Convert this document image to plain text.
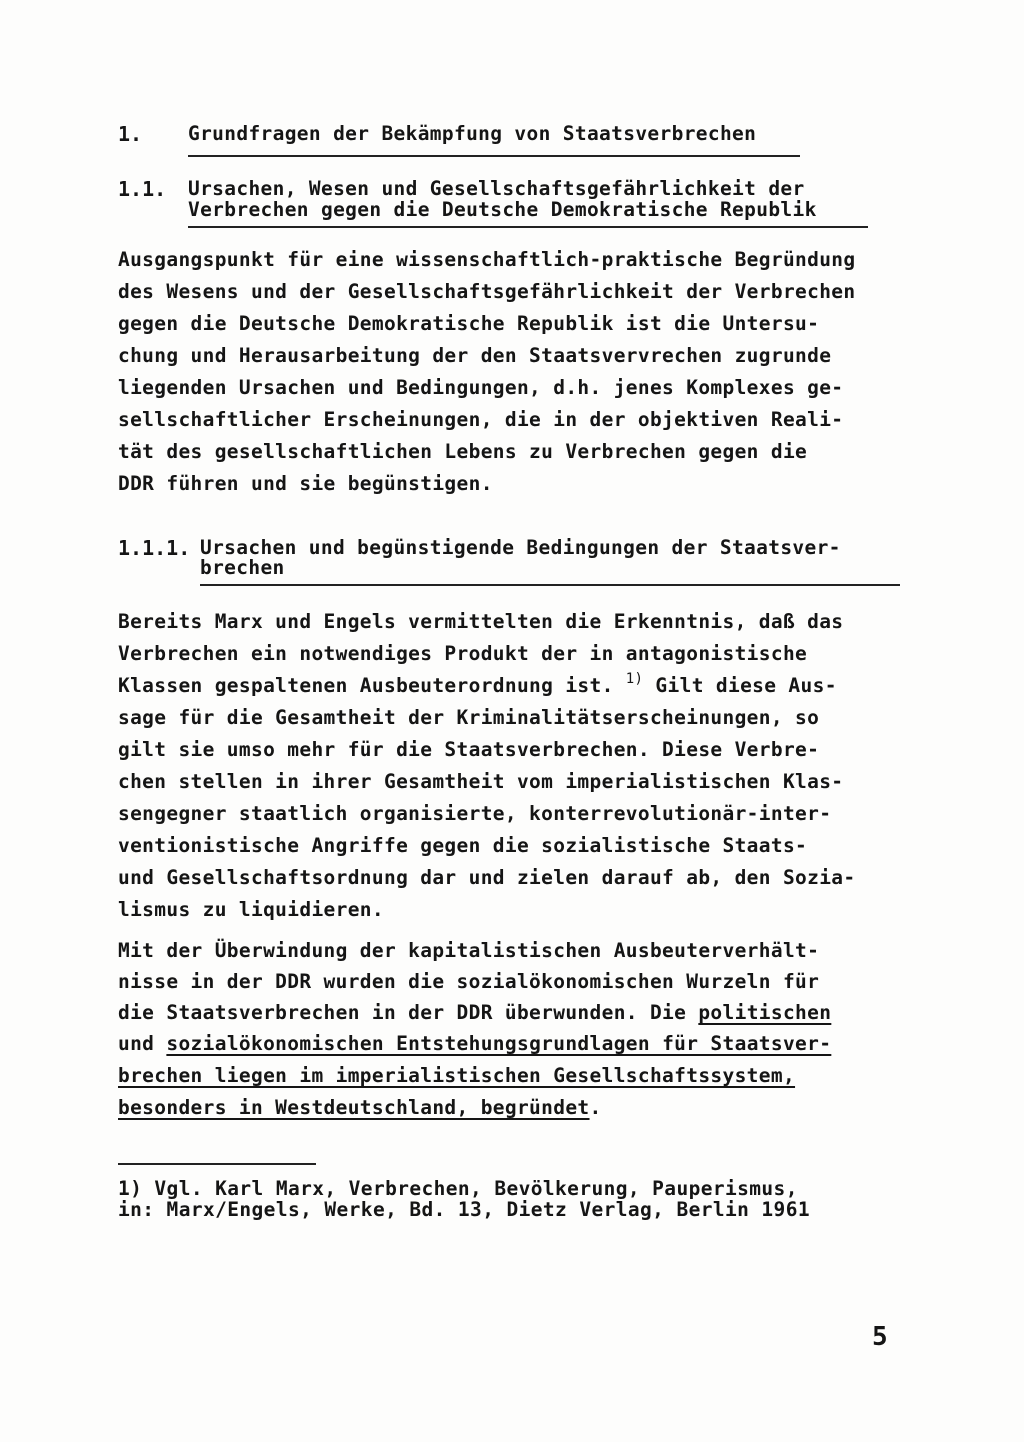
1. Grundfragen der Bekämpfung von Staatsverbrechen
1.1. Ursachen, Wesen und Gesellschaftsgefährlichkeit der
Verbrechen gegen die Deutsche Demokratische Republik
Ausgangspunkt für eine wissenschaftlich-praktische Begründung
des Wesens und der Gesellschaftsgefährlichkeit der Verbrechen
gegen die Deutsche Demokratische Republik ist die Untersu-
chung und Herausarbeitung der den Staatsvervrechen zugrunde
liegenden Ursachen und Bedingungen, d.h. jenes Komplexes ge-
sellschaftlicher Erscheinungen, die in der objektiven Reali-
tät des gesellschaftlichen Lebens zu Verbrechen gegen die
DDR führen und sie begünstigen.
1.1.1. Ursachen und begünstigende Bedingungen der Staatsver-
brechen
Bereits Marx und Engels vermittelten die Erkenntnis, daß das
Verbrechen ein notwendiges Produkt der in antagonistische
Klassen gespaltenen Ausbeuterordnung ist. $^{1)}$ Gilt diese Aus-
sage für die Gesamtheit der Kriminalitätserscheinungen, so
gilt sie umso mehr für die Staatsverbrechen. Diese Verbre-
chen stellen in ihrer Gesamtheit vom imperialistischen Klas-
sengegner staatlich organisierte, konterrevolutionär-inter-
ventionistische Angriffe gegen die sozialistische Staats-
und Gesellschaftsordnung dar und zielen darauf ab, den Sozia-
lismus zu liquidieren.
Mit der Überwindung der kapitalistischen Ausbeuterverhält-
nisse in der DDR wurden die sozialökonomischen Wurzeln für
die Staatsverbrechen in der DDR überwunden. Die politischen
und sozialökonomischen Entstehungsgrundlagen für Staatsver-
brechen liegen im imperialistischen Gesellschaftssystem,
besonders in Westdeutschland, begründet.
1) Vgl. Karl Marx, Verbrechen, Bevölkerung, Pauperismus,
in: Marx/Engels, Werke, Bd. 13, Dietz Verlag, Berlin 1961
5
